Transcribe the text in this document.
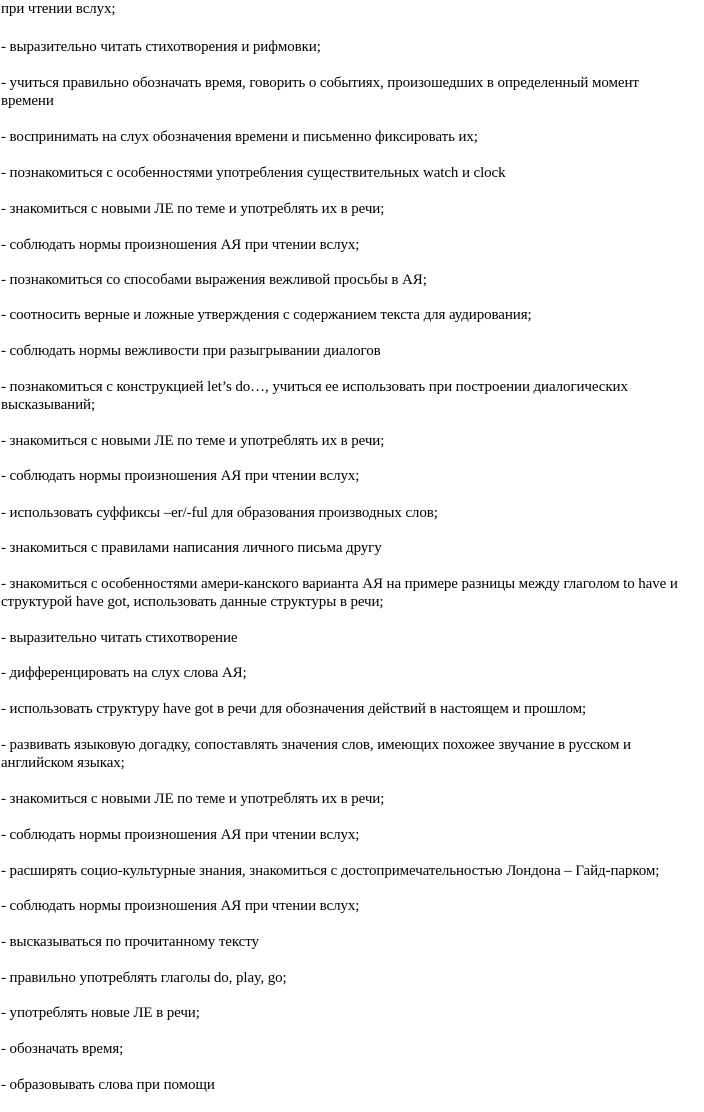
при чтении вслух;
- выразительно читать стихотворения и рифмовки;
- учиться правильно обозначать время, говорить о событиях, произошедших в определенный момент
времени
- воспринимать на слух обозначения времени и письменно фиксировать их;
- познакомиться с особенностями употребления существительных watch и clock
- знакомиться с новыми ЛЕ по теме и употреблять их в речи;
- соблюдать нормы произношения АЯ при чтении вслух;
- познакомиться со способами выражения вежливой просьбы в АЯ;
- соотносить верные и ложные утверждения с содержанием текста для аудирования;
- соблюдать нормы вежливости при разыгрывании диалогов
- познакомиться с конструкцией let’s do…, учиться ее использовать при построении диалогических
высказываний;
- знакомиться с новыми ЛЕ по теме и употреблять их в речи;
- соблюдать нормы произношения АЯ при чтении вслух;
- использовать суффиксы –er/-ful для образования производных слов;
- знакомиться с правилами написания личного письма другу
- знакомиться с особенностями амери-канского варианта АЯ на примере разницы между глаголом to have и
структурой have got, использовать данные структуры в речи;
- выразительно читать стихотворение
- дифференцировать на слух слова АЯ;
- использовать структуру have got в речи для обозначения действий в настоящем и прошлом;
- развивать языковую догадку, сопоставлять значения слов, имеющих похожее звучание в русском и
английском языках;
- знакомиться с новыми ЛЕ по теме и употреблять их в речи;
- соблюдать нормы произношения АЯ при чтении вслух;
- расширять социо-культурные знания, знакомиться с достопримечательностью Лондона – Гайд-парком;
- соблюдать нормы произношения АЯ при чтении вслух;
- высказываться по прочитанному тексту
- правильно употреблять глаголы do, play, go;
- употреблять новые ЛЕ в речи;
- обозначать время;
- образовывать слова при помощи
